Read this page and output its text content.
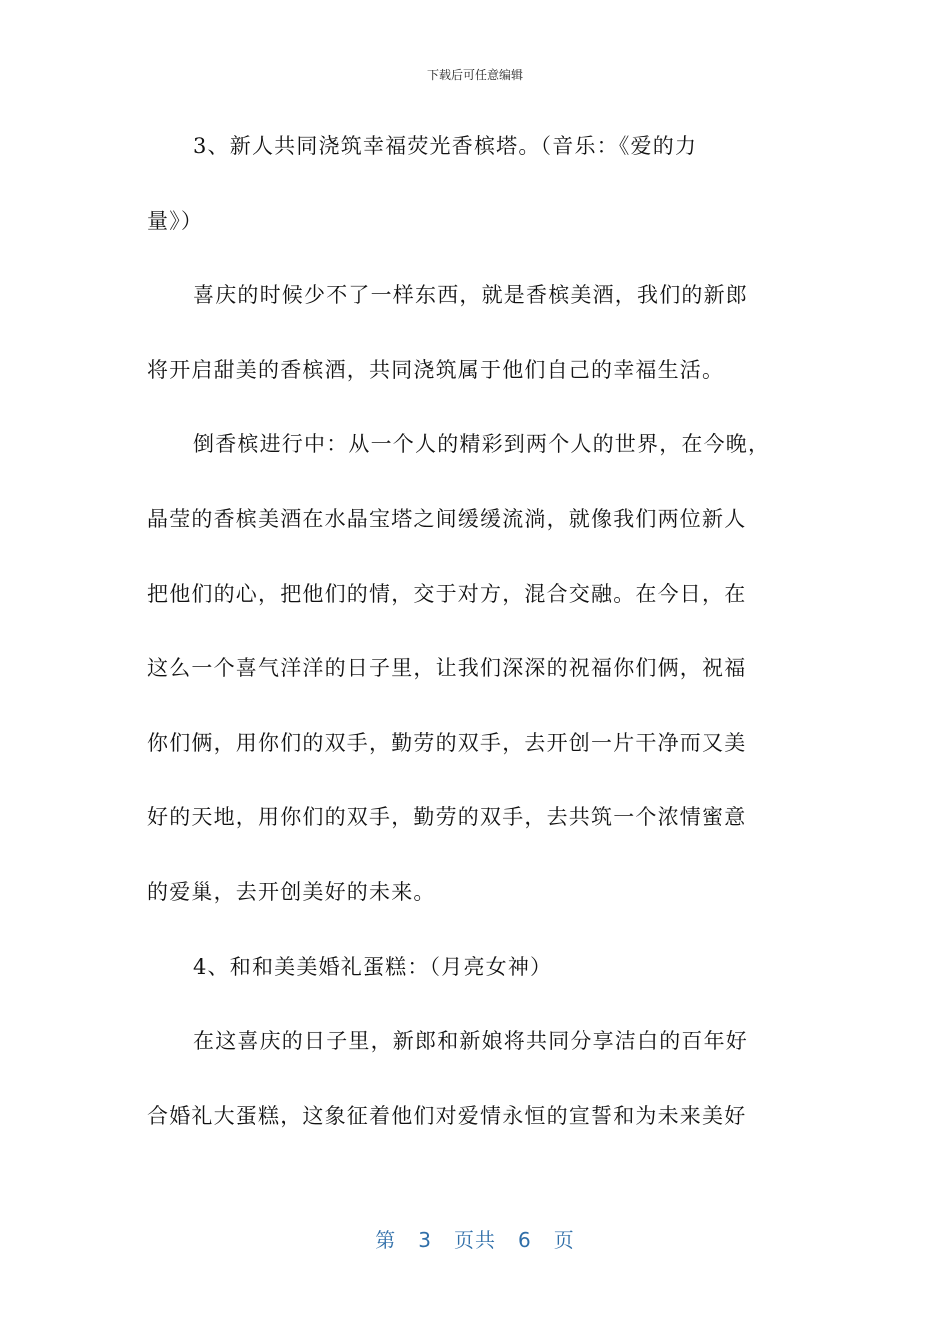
下载后可任意编辑
3、新人共同浇筑幸福荧光香槟塔。（音乐：《爱的力
量》）
喜庆的时候少不了一样东西，就是香槟美酒，我们的新郎
将开启甜美的香槟酒，共同浇筑属于他们自己的幸福生活。
倒香槟进行中：从一个人的精彩到两个人的世界，在今晚，
晶莹的香槟美酒在水晶宝塔之间缓缓流淌，就像我们两位新人
把他们的心，把他们的情，交于对方，混合交融。在今日，在
这么一个喜气洋洋的日子里，让我们深深的祝福你们俩，祝福
你们俩，用你们的双手，勤劳的双手，去开创一片干净而又美
好的天地，用你们的双手，勤劳的双手，去共筑一个浓情蜜意
的爱巢，去开创美好的未来。
4、和和美美婚礼蛋糕：（月亮女神）
在这喜庆的日子里，新郎和新娘将共同分享洁白的百年好
合婚礼大蛋糕，这象征着他们对爱情永恒的宣誓和为未来美好
第 3 页共 6 页
